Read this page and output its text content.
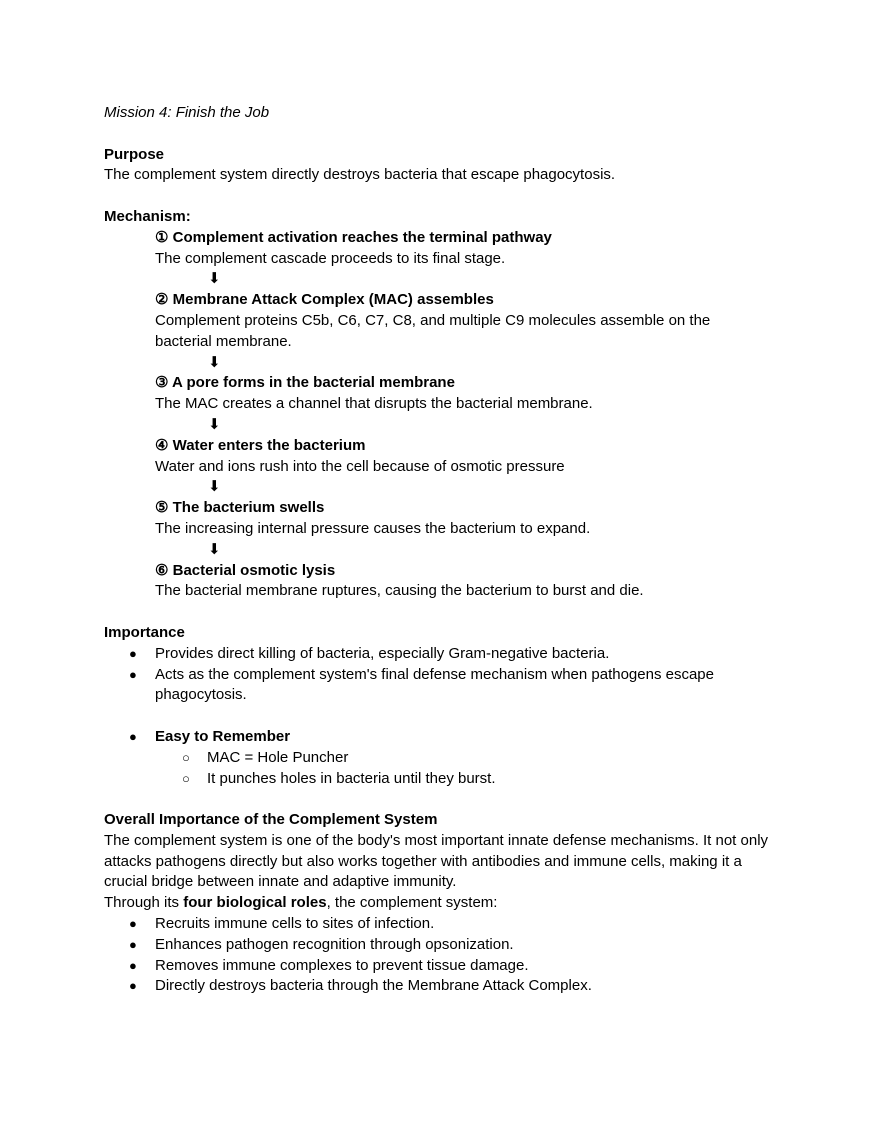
Mission 4: Finish the Job
Purpose
The complement system directly destroys bacteria that escape phagocytosis.
Mechanism:
① Complement activation reaches the terminal pathway
The complement cascade proceeds to its final stage.
⬇
② Membrane Attack Complex (MAC) assembles
Complement proteins C5b, C6, C7, C8, and multiple C9 molecules assemble on the bacterial membrane.
⬇
③ A pore forms in the bacterial membrane
The MAC creates a channel that disrupts the bacterial membrane.
⬇
④ Water enters the bacterium
Water and ions rush into the cell because of osmotic pressure
⬇
⑤ The bacterium swells
The increasing internal pressure causes the bacterium to expand.
⬇
⑥ Bacterial osmotic lysis
The bacterial membrane ruptures, causing the bacterium to burst and die.
Importance
● Provides direct killing of bacteria, especially Gram-negative bacteria.
● Acts as the complement system's final defense mechanism when pathogens escape phagocytosis.
● Easy to Remember
○ MAC = Hole Puncher
○ It punches holes in bacteria until they burst.
Overall Importance of the Complement System
The complement system is one of the body's most important innate defense mechanisms. It not only attacks pathogens directly but also works together with antibodies and immune cells, making it a crucial bridge between innate and adaptive immunity.
Through its four biological roles, the complement system:
● Recruits immune cells to sites of infection.
● Enhances pathogen recognition through opsonization.
● Removes immune complexes to prevent tissue damage.
● Directly destroys bacteria through the Membrane Attack Complex.
